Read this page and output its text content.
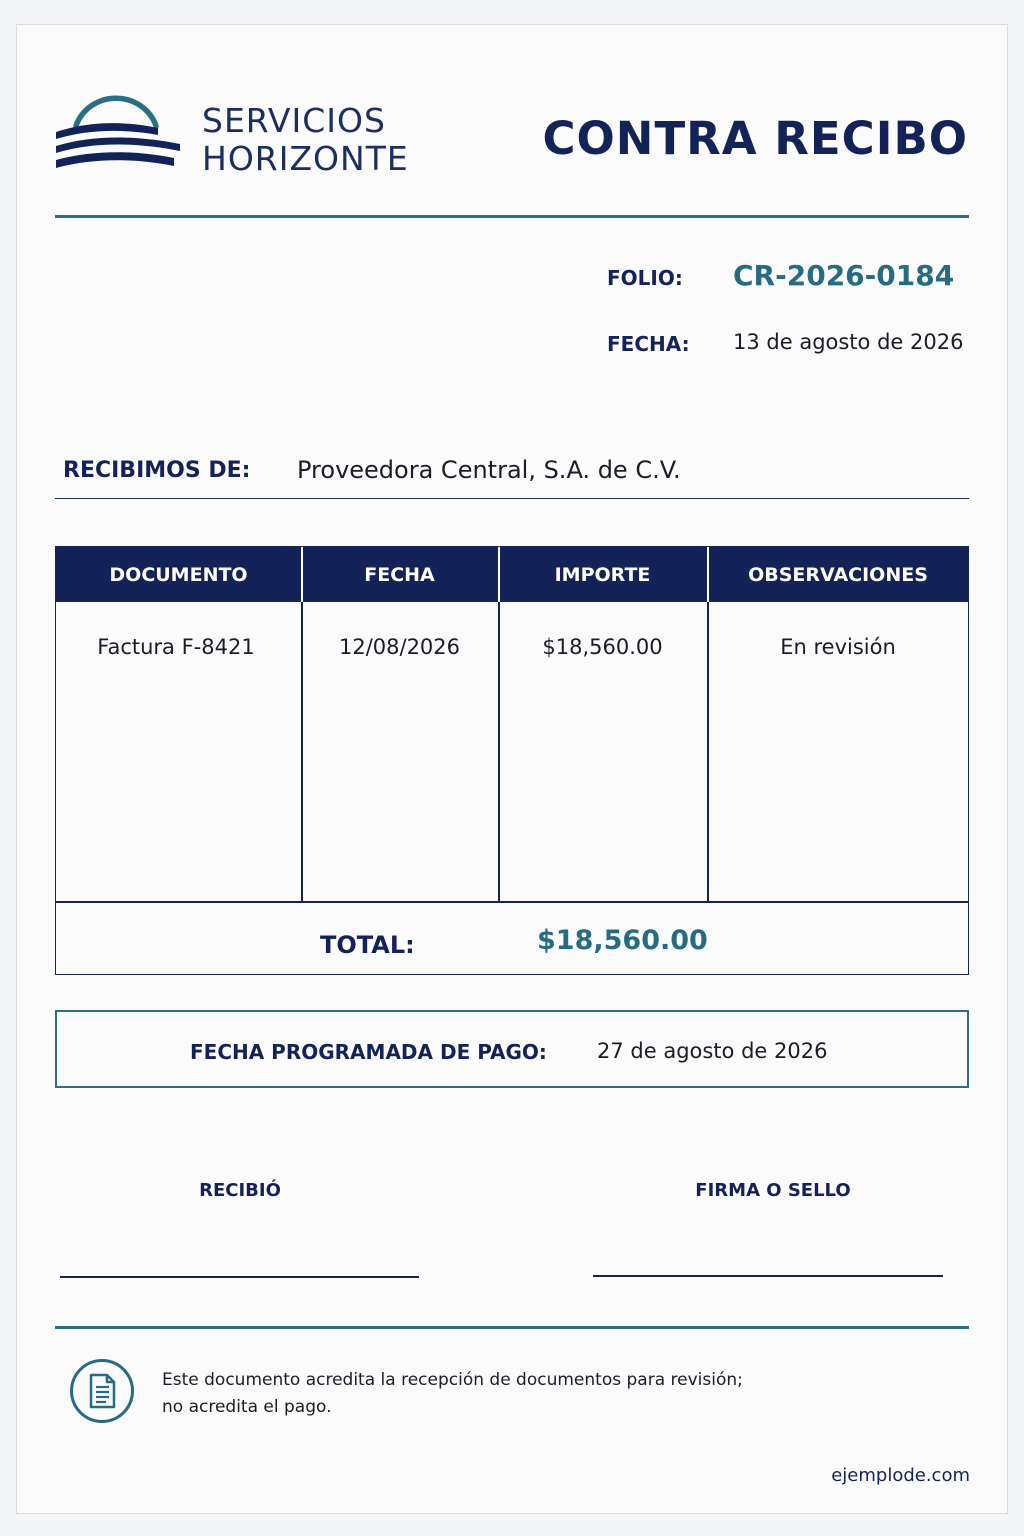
SERVICIOS
HORIZONTE	CONTRA RECIBO
FOLIO: CR-2026-0184
FECHA: 13 de agosto de 2026
RECIBIMOS DE: Proveedora Central, S.A. de C.V.
DOCUMENTO	FECHA	IMPORTE	OBSERVACIONES
Factura F-8421	12/08/2026	$18,560.00	En revisión
TOTAL:	$18,560.00
FECHA PROGRAMADA DE PAGO: 27 de agosto de 2026
RECIBIÓ	FIRMA O SELLO
Este documento acredita la recepción de documentos para revisión;
no acredita el pago.
ejemplode.com
